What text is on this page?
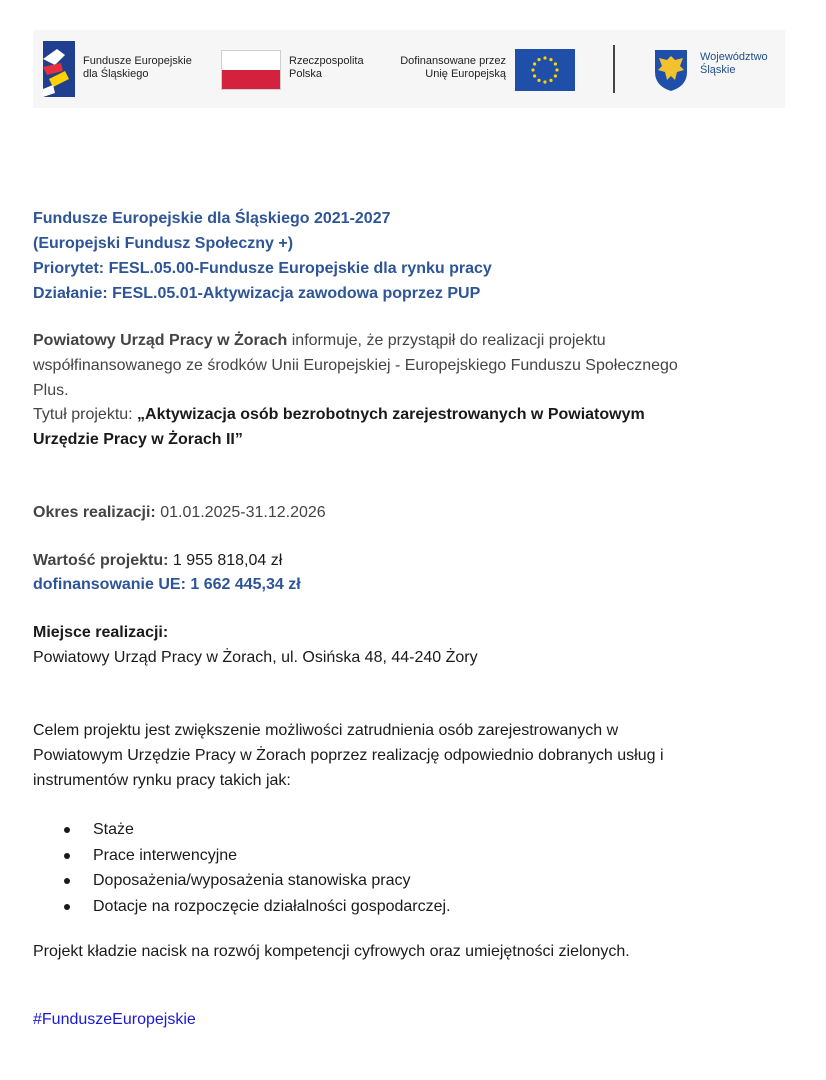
Fundusze Europejskie
dla Śląskiego
Rzeczpospolita
Polska
Dofinansowane przez
Unię Europejską
Województwo
Śląskie
Fundusze Europejskie dla Śląskiego 2021-2027
(Europejski Fundusz Społeczny +)
Priorytet: FESL.05.00-Fundusze Europejskie dla rynku pracy
Działanie: FESL.05.01-Aktywizacja zawodowa poprzez PUP
Powiatowy Urząd Pracy w Żorach informuje, że przystąpił do realizacji projektu
współfinansowanego ze środków Unii Europejskiej - Europejskiego Funduszu Społecznego
Plus.
Tytuł projektu: „Aktywizacja osób bezrobotnych zarejestrowanych w Powiatowym
Urzędzie Pracy w Żorach II”
Okres realizacji: 01.01.2025-31.12.2026
Wartość projektu: 1 955 818,04 zł
dofinansowanie UE: 1 662 445,34 zł
Miejsce realizacji:
Powiatowy Urząd Pracy w Żorach, ul. Osińska 48, 44-240 Żory
Celem projektu jest zwiększenie możliwości zatrudnienia osób zarejestrowanych w
Powiatowym Urzędzie Pracy w Żorach poprzez realizację odpowiednio dobranych usług i
instrumentów rynku pracy takich jak:
Staże
Prace interwencyjne
Doposażenia/wyposażenia stanowiska pracy
Dotacje na rozpoczęcie działalności gospodarczej.
Projekt kładzie nacisk na rozwój kompetencji cyfrowych oraz umiejętności zielonych.
#FunduszeEuropejskie
